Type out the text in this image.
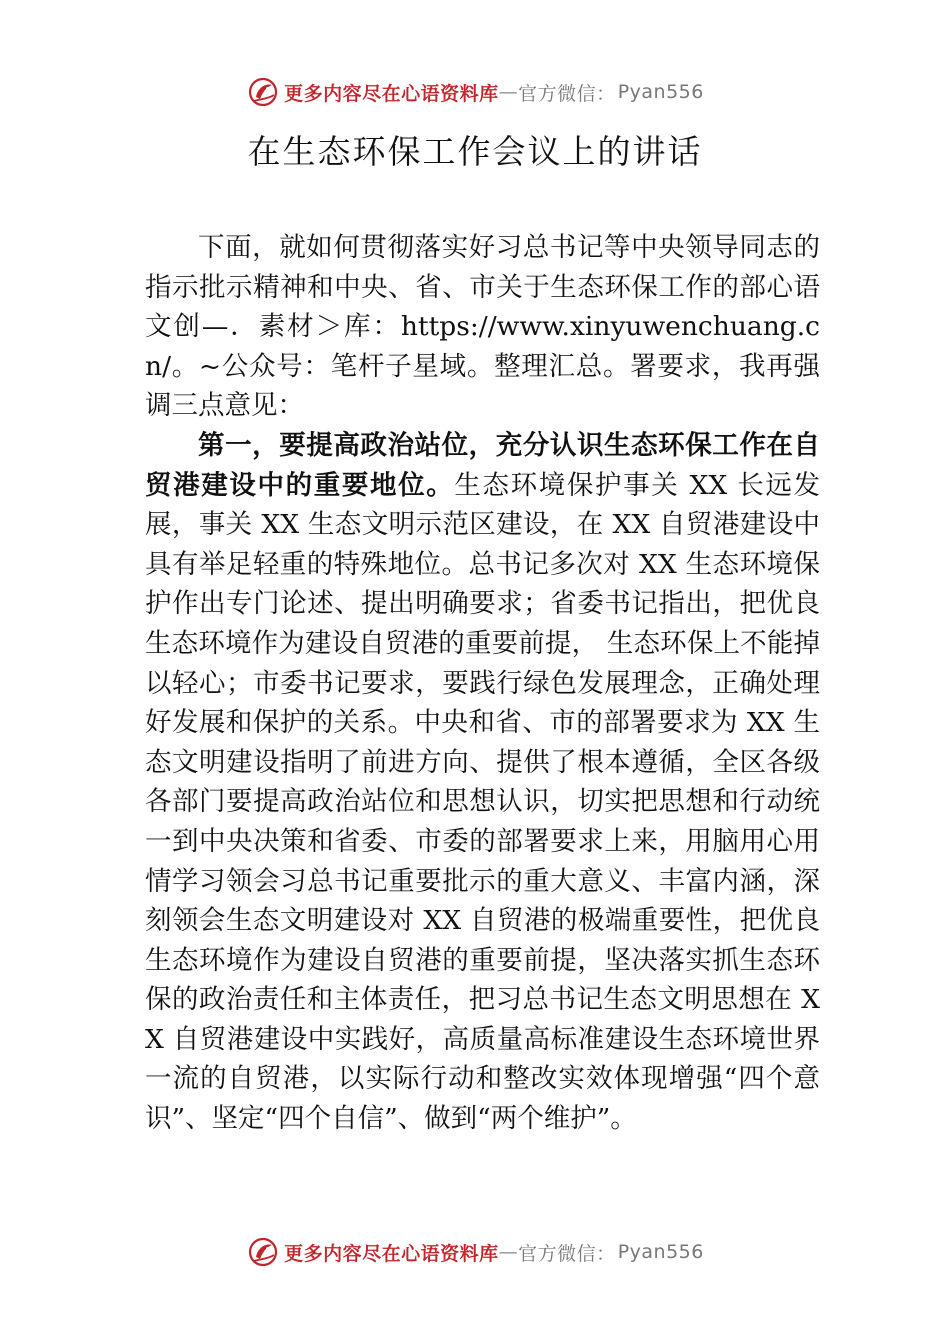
更多内容尽在心语资料库 — 官方微信： Pyan556
在生态环保工作会议上的讲话

下面，就如何贯彻落实好习总书记等中央领导同志的指示批示精神和中央、省、市关于生态环保工作的部心语文创—．素材＞库：https://www.xinyuwenchuang.cn/。~公众号：笔杆子星域。整理汇总。署要求，我再强调三点意见：

第一，要提高政治站位，充分认识生态环保工作在自贸港建设中的重要地位。生态环境保护事关 XX 长远发展，事关 XX 生态文明示范区建设，在 XX 自贸港建设中具有举足轻重的特殊地位。总书记多次对 XX 生态环境保护作出专门论述、提出明确要求；省委书记指出，把优良生态环境作为建设自贸港的重要前提， 生态环保上不能掉以轻心；市委书记要求，要践行绿色发展理念，正确处理好发展和保护的关系。中央和省、市的部署要求为 XX 生态文明建设指明了前进方向、提供了根本遵循，全区各级各部门要提高政治站位和思想认识，切实把思想和行动统一到中央决策和省委、市委的部署要求上来，用脑用心用情学习领会习总书记重要批示的重大意义、丰富内涵，深刻领会生态文明建设对 XX 自贸港的极端重要性，把优良生态环境作为建设自贸港的重要前提，坚决落实抓生态环保的政治责任和主体责任，把习总书记生态文明思想在 XX 自贸港建设中实践好，高质量高标准建设生态环境世界一流的自贸港，以实际行动和整改实效体现增强“四个意识”、坚定“四个自信”、做到“两个维护”。

更多内容尽在心语资料库 — 官方微信： Pyan556
